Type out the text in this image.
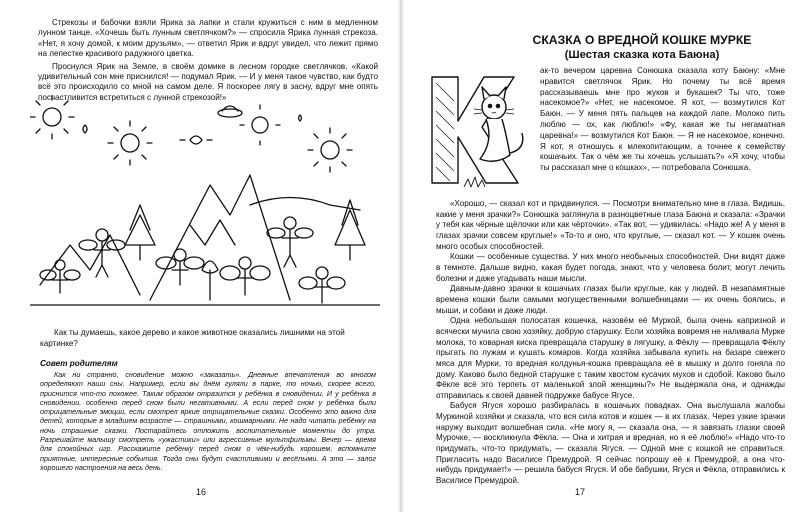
Стрекозы и бабочки взяли Ярика за лапки и стали кружиться с ним в медленном лунном танце. «Хочешь быть лунным светлячком?» — спросила Ярика лунная стрекоза. «Нет, я хочу домой, к моим друзьям», — ответил Ярик и вдруг увидел, что лежит прямо на лепестке красивого радужного цветка.

Проснулся Ярик на Земле, в своём домике в лесном городке светлячков. «Какой удивительный сон мне приснился! — подумал Ярик. — И у меня такое чувство, как будто всё это происходило со мной на самом деле. Я поскорее лягу в засну, вдруг мне опять посчастливится встретиться с лунной стрекозой!»

Как ты думаешь, какое дерево и какое животное оказались лишними на этой картинке?

Совет родителям

Как ни странно, сновидение можно «заказать». Дневные впечатления во многом определяют наши сны. Например, если вы днём гуляли в парке, то ночью, скорее всего, приснится что-то похожее. Таким образом отразится у ребёнка в сновидении. И у ребёнка в сновидении, особенно перед сном были негативными. А если перед сном у ребёнка были отрицательные эмоции, если смотрел яркие отрицательные сказки. Особенно это важно для детей, которые в младшем возрасте — страшными, кошмарными. Не надо читать ребёнку на ночь страшные сказки. Постарайтесь отложить воспитательные моменты до утра. Разрешайте малышу смотреть «ужастики» или агрессивные мультфильмы. Вечер — время для спокойных игр. Расскажите ребёнку перед сном о чём-нибудь хорошем, вспомните приятные, интересные события. Тогда сны будут счастливыми и весёлыми. А это — залог хорошего настроения на весь день.

16
СКАЗКА О ВРЕДНОЙ КОШКЕ МУРКЕ
(Шестая сказка кота Баюна)

ак-то вечером царевна Сонюшка сказала коту Баюну: «Мне нравится светлячок Ярик. Но почему ты всё время рассказываешь мне про жуков и букашек? Ты что, тоже насекомое?» «Нет, не насекомое. Я кот, — возмутился Кот Баюн. — У меня пять пальцев на каждой лапе. Молоко пить люблю — ох, как люблю!» «Фу, какая же ты негаматная царевна!» — возмутился Кот Баюн. — Я не насекомое, конечно. Я кот, я отношусь к млекопитающим, а точнее к семейству кошачьих. Так о чём же ты хочешь услышать?» «Я хочу, чтобы ты рассказал мне о кошках», — потребовала Сонюшка.

«Хорошо, — сказал кот и придвинулся. — Посмотри внимательно мне в глаза. Видишь, какие у меня зрачки?» Сонюшка заглянула в разноцветные глаза Баюна и сказала: «Зрачки у тебя как чёрные щёлочки или как чёрточки». «Так вот, — удивилась: «Надо же! А у меня в глазах зрачки совсем круглые!» «То-то и оно, что круглые, — сказал кот. — У кошек очень много особых способностей.

Кошки — особенные существа. У них много необычных способностей. Они видят даже в темноте. Дальше видно, какая будет погода, знают, что у человека болит, могут лечить болезни и даже угадывать наши мысли.

Давным-давно зрачки в кошачьих глазах были круглые, как у людей. В незапамятные времена кошки были самыми могущественными волшебницами — их очень боялись, и мыши, и собаки и даже люди.

Одна небольшая полосатая кошечка, назовём её Муркой, была очень капризной и всячески мучила свою хозяйку, добрую старушку. Если хозяйка вовремя не наливала Мурке молока, то коварная киска превращала старушку в лягушку, а Фёклу — превращала Фёклу прыгать по лужам и кушать комаров. Когда хозяйка забывала купить на базаре свежего мяса для Мурки, то вредная колдунья-кошка превращала её в мышку и долго гоняла по дому. Каково было бедной старушке с таким хвостом кусачих мухов и сдобой. Каково было Фёкле всё это терпеть от маленькой злой женщины?» Не выдержала она, и однажды отправилась к своей давней подружке бабусе Ягусе.

Бабуся Ягуся хорошо разбиралась в кошачьих повадках. Она выслушала жалобы Муркиной хозяйки и сказала, что вся сила котов и кошек — в их глазах. Через узкие зрачки наружу выходит волшебная сила. «Не могу я, — сказала она, — я завязать глазки своей Мурочке, — воскликнула Фёкла. — Она и хитрая и вредная, но я её люблю!» «Надо что-то придумать, что-то придумать, — сказала Ягуся. — Одной мне с кошкой не справиться. Пригласить надо Василисе Премудрой. Я сейчас попрошу её к Премудрой, а она что-нибудь придумает!» — решила бабуся Ягуся. И обе бабушки, Ягуся и Фёкла, отправились к Василисе Премудрой.

17
